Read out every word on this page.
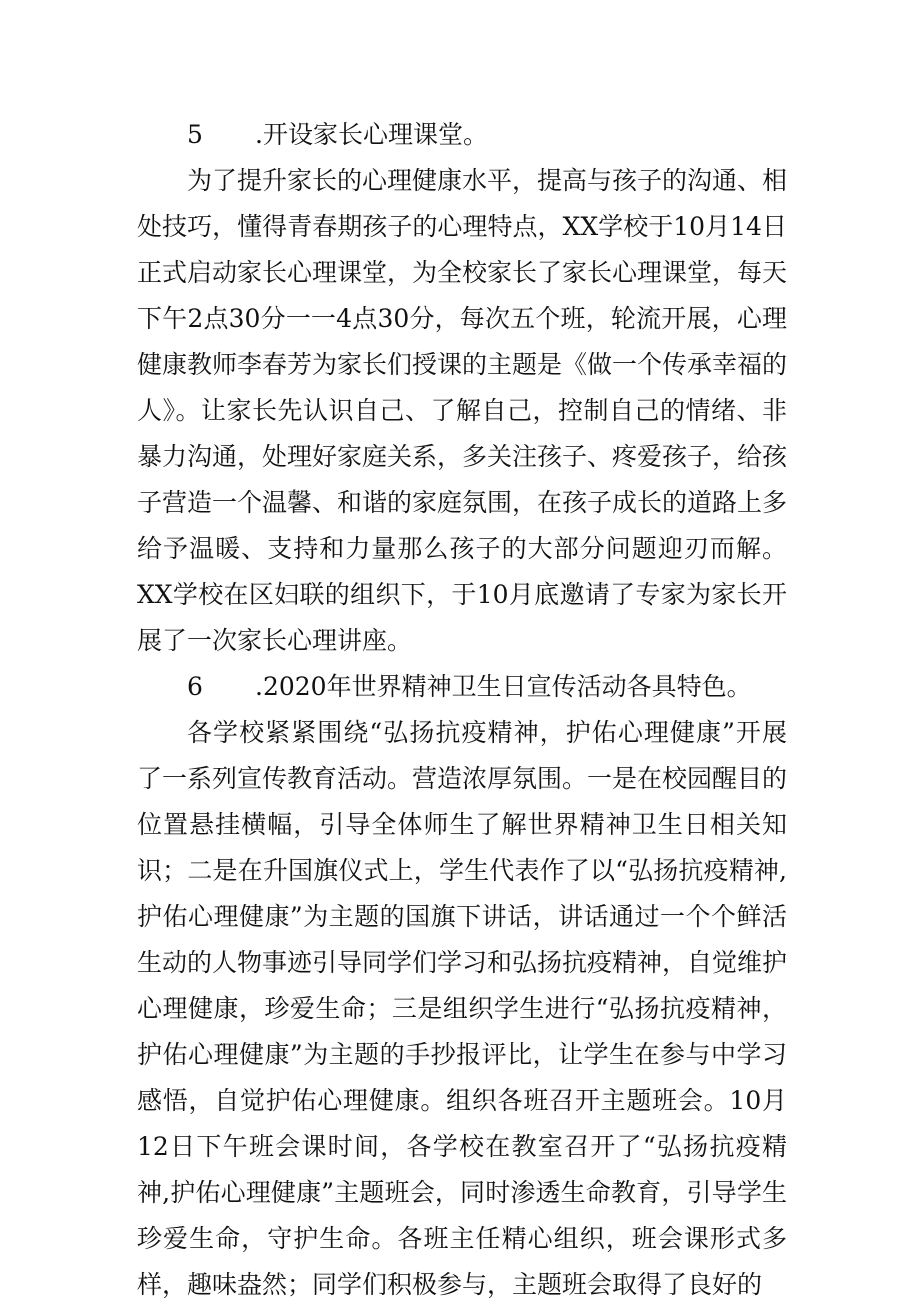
5 .开设家长心理课堂。

为了提升家长的心理健康水平，提高与孩子的沟通、相处技巧，懂得青春期孩子的心理特点，XX学校于10月14日正式启动家长心理课堂，为全校家长了家长心理课堂，每天下午2点30分一一4点30分，每次五个班，轮流开展，心理健康教师李春芳为家长们授课的主题是《做一个传承幸福的人》。让家长先认识自己、了解自己，控制自己的情绪、非暴力沟通，处理好家庭关系，多关注孩子、疼爱孩子，给孩子营造一个温馨、和谐的家庭氛围，在孩子成长的道路上多给予温暖、支持和力量那么孩子的大部分问题迎刃而解。XX学校在区妇联的组织下，于10月底邀请了专家为家长开展了一次家长心理讲座。

6 .2020年世界精神卫生日宣传活动各具特色。

各学校紧紧围绕“弘扬抗疫精神，护佑心理健康”开展了一系列宣传教育活动。营造浓厚氛围。一是在校园醒目的位置悬挂横幅，引导全体师生了解世界精神卫生日相关知识；二是在升国旗仪式上，学生代表作了以“弘扬抗疫精神,护佑心理健康”为主题的国旗下讲话，讲话通过一个个鲜活生动的人物事迹引导同学们学习和弘扬抗疫精神，自觉维护心理健康，珍爱生命；三是组织学生进行“弘扬抗疫精神，护佑心理健康”为主题的手抄报评比，让学生在参与中学习感悟，自觉护佑心理健康。组织各班召开主题班会。10月12日下午班会课时间，各学校在教室召开了“弘扬抗疫精神,护佑心理健康”主题班会，同时渗透生命教育，引导学生珍爱生命，守护生命。各班主任精心组织，班会课形式多样，趣味盎然；同学们积极参与，主题班会取得了良好的
